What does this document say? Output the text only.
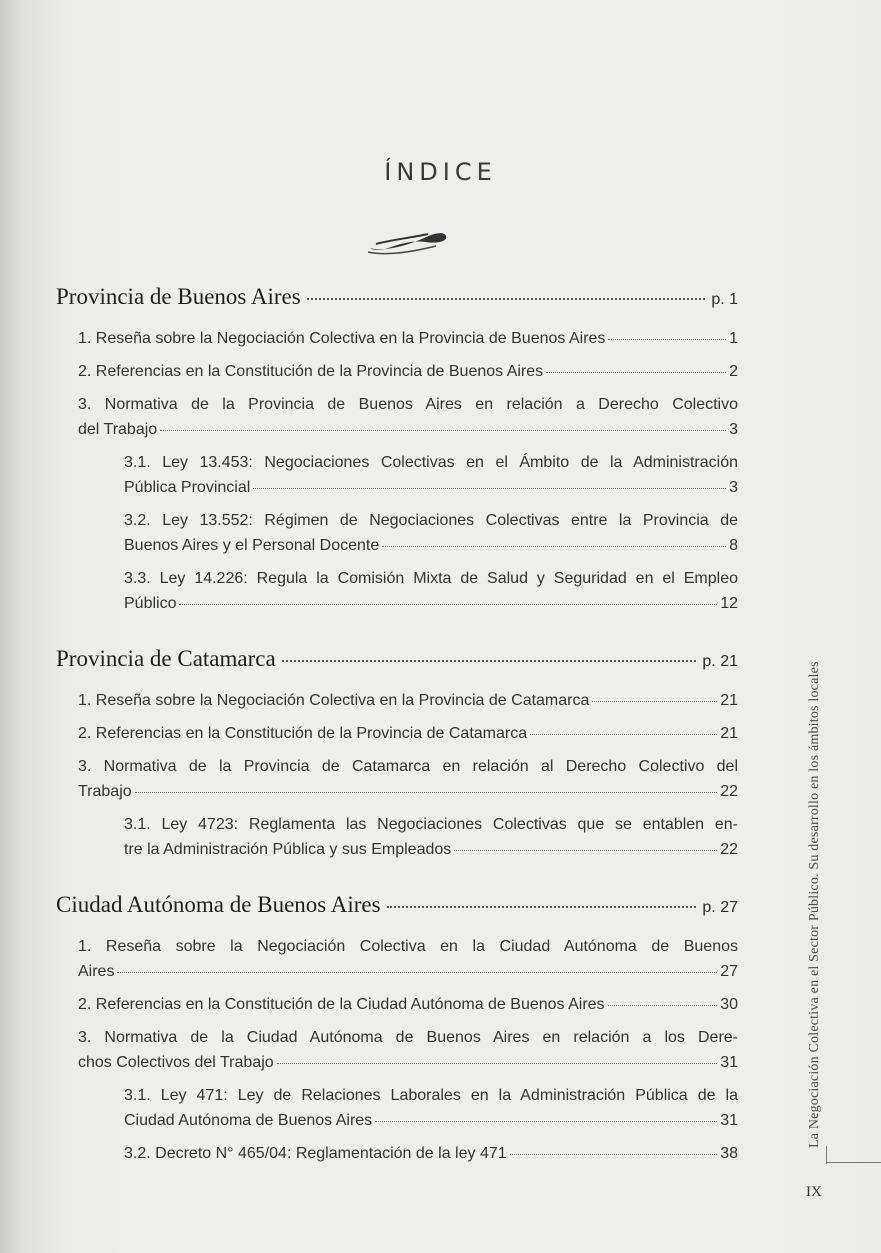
ÍNDICE
Provincia de Buenos Aires	p. 1
1. Reseña sobre la Negociación Colectiva en la Provincia de Buenos Aires	1
2. Referencias en la Constitución de la Provincia de Buenos Aires	2
3. Normativa de la Provincia de Buenos Aires en relación a Derecho Colectivo
del Trabajo	3
3.1. Ley 13.453: Negociaciones Colectivas en el Ámbito de la Administración
Pública Provincial	3
3.2. Ley 13.552: Régimen de Negociaciones Colectivas entre la Provincia de
Buenos Aires y el Personal Docente	8
3.3. Ley 14.226: Regula la Comisión Mixta de Salud y Seguridad en el Empleo
Público	12
Provincia de Catamarca	p. 21
1. Reseña sobre la Negociación Colectiva en la Provincia de Catamarca	21
2. Referencias en la Constitución de la Provincia de Catamarca	21
3. Normativa de la Provincia de Catamarca en relación al Derecho Colectivo del
Trabajo	22
3.1. Ley 4723: Reglamenta las Negociaciones Colectivas que se entablen en-
tre la Administración Pública y sus Empleados	22
Ciudad Autónoma de Buenos Aires	p. 27
1. Reseña sobre la Negociación Colectiva en la Ciudad Autónoma de Buenos
Aires	27
2. Referencias en la Constitución de la Ciudad Autónoma de Buenos Aires	30
3. Normativa de la Ciudad Autónoma de Buenos Aires en relación a los Dere-
chos Colectivos del Trabajo	31
3.1. Ley 471: Ley de Relaciones Laborales en la Administración Pública de la
Ciudad Autónoma de Buenos Aires	31
3.2. Decreto N° 465/04: Reglamentación de la ley 471	38
La Negociación Colectiva en el Sector Público. Su desarrollo en los ámbitos locales
IX
